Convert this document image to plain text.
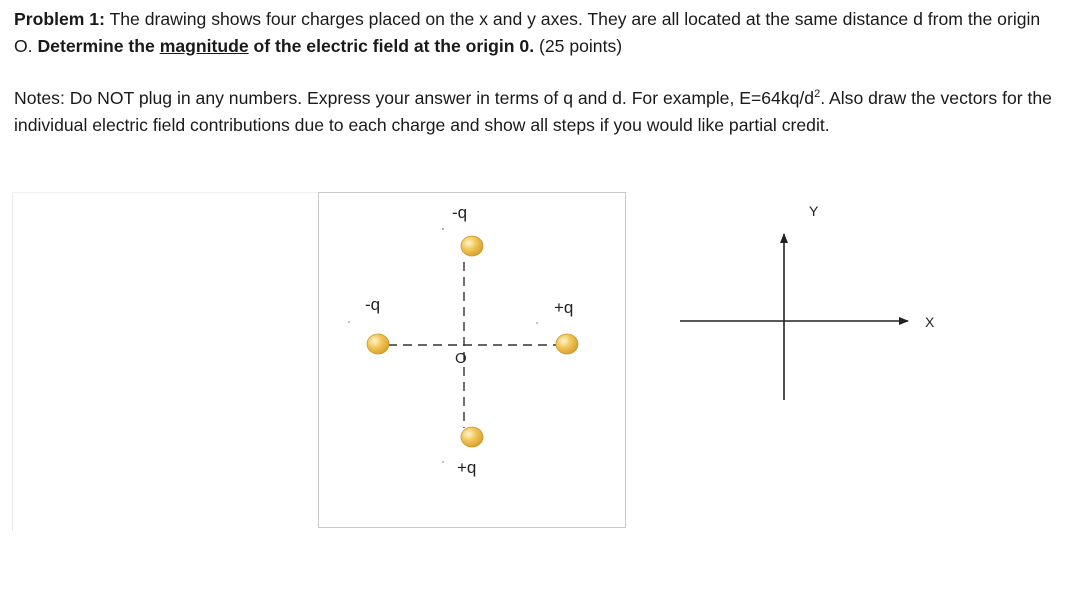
Problem 1: The drawing shows four charges placed on the x and y axes. They are all located at the same distance d from the origin O. Determine the magnitude of the electric field at the origin 0. (25 points)

Notes: Do NOT plug in any numbers. Express your answer in terms of q and d. For example, $E=64kq/d^2$. Also draw the vectors for the individual electric field contributions due to each charge and show all steps if you would like partial credit.

-q
-q	+q
+q
O
Y
X
